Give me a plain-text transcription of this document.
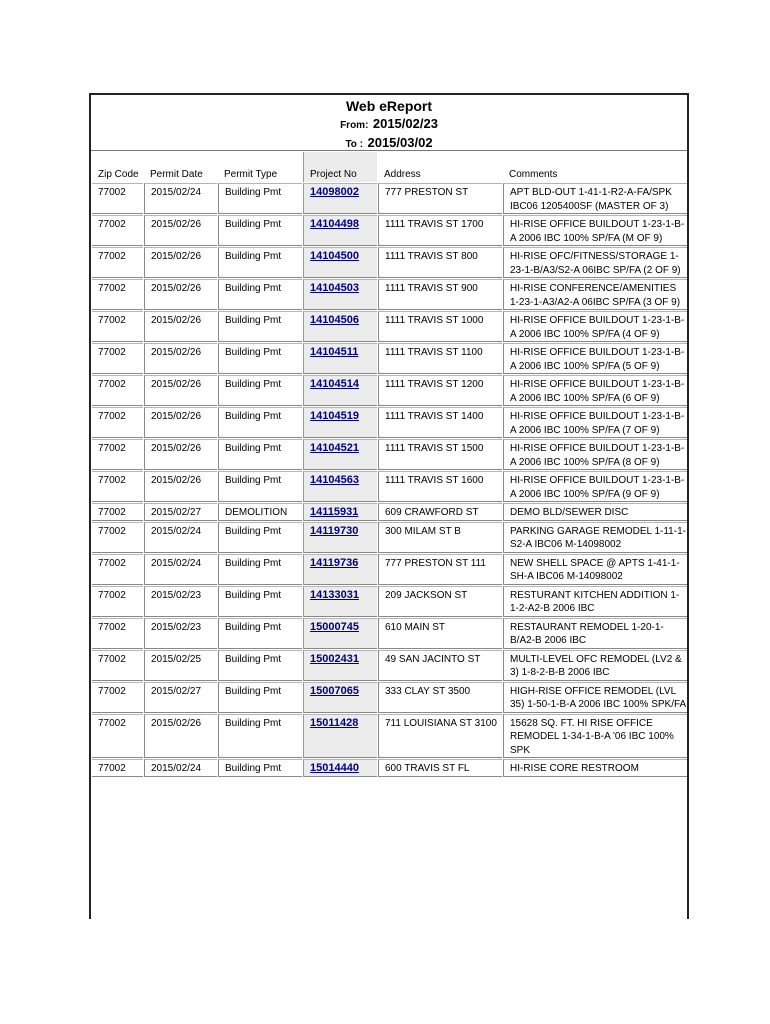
Web eReport
From: 2015/02/23
To : 2015/03/02
Zip Code	Permit Date	Permit Type	Project No	Address	Comments
77002	2015/02/24	Building Pmt	14098002	777 PRESTON ST	APT BLD-OUT 1-41-1-R2-A-FA/SPK IBC06 1205400SF (MASTER OF 3)
77002	2015/02/26	Building Pmt	14104498	1111 TRAVIS ST 1700	HI-RISE OFFICE BUILDOUT 1-23-1-B-A 2006 IBC 100% SP/FA (M OF 9)
77002	2015/02/26	Building Pmt	14104500	1111 TRAVIS ST 800	HI-RISE OFC/FITNESS/STORAGE 1-23-1-B/A3/S2-A 06IBC SP/FA (2 OF 9)
77002	2015/02/26	Building Pmt	14104503	1111 TRAVIS ST 900	HI-RISE CONFERENCE/AMENITIES 1-23-1-A3/A2-A 06IBC SP/FA (3 OF 9)
77002	2015/02/26	Building Pmt	14104506	1111 TRAVIS ST 1000	HI-RISE OFFICE BUILDOUT 1-23-1-B-A 2006 IBC 100% SP/FA (4 OF 9)
77002	2015/02/26	Building Pmt	14104511	1111 TRAVIS ST 1100	HI-RISE OFFICE BUILDOUT 1-23-1-B-A 2006 IBC 100% SP/FA (5 OF 9)
77002	2015/02/26	Building Pmt	14104514	1111 TRAVIS ST 1200	HI-RISE OFFICE BUILDOUT 1-23-1-B-A 2006 IBC 100% SP/FA (6 OF 9)
77002	2015/02/26	Building Pmt	14104519	1111 TRAVIS ST 1400	HI-RISE OFFICE BUILDOUT 1-23-1-B-A 2006 IBC 100% SP/FA (7 OF 9)
77002	2015/02/26	Building Pmt	14104521	1111 TRAVIS ST 1500	HI-RISE OFFICE BUILDOUT 1-23-1-B-A 2006 IBC 100% SP/FA (8 OF 9)
77002	2015/02/26	Building Pmt	14104563	1111 TRAVIS ST 1600	HI-RISE OFFICE BUILDOUT 1-23-1-B-A 2006 IBC 100% SP/FA (9 OF 9)
77002	2015/02/27	DEMOLITION	14115931	609 CRAWFORD ST	DEMO BLD/SEWER DISC
77002	2015/02/24	Building Pmt	14119730	300 MILAM ST B	PARKING GARAGE REMODEL 1-11-1-S2-A IBC06 M-14098002
77002	2015/02/24	Building Pmt	14119736	777 PRESTON ST 111	NEW SHELL SPACE @ APTS 1-41-1-SH-A IBC06 M-14098002
77002	2015/02/23	Building Pmt	14133031	209 JACKSON ST	RESTURANT KITCHEN ADDITION 1-1-2-A2-B 2006 IBC
77002	2015/02/23	Building Pmt	15000745	610 MAIN ST	RESTAURANT REMODEL 1-20-1-B/A2-B 2006 IBC
77002	2015/02/25	Building Pmt	15002431	49 SAN JACINTO ST	MULTI-LEVEL OFC REMODEL (LV2 & 3) 1-8-2-B-B 2006 IBC
77002	2015/02/27	Building Pmt	15007065	333 CLAY ST 3500	HIGH-RISE OFFICE REMODEL (LVL 35) 1-50-1-B-A 2006 IBC 100% SPK/FA
77002	2015/02/26	Building Pmt	15011428	711 LOUISIANA ST 3100	15628 SQ. FT. HI RISE OFFICE REMODEL 1-34-1-B-A '06 IBC 100% SPK
77002	2015/02/24	Building Pmt	15014440	600 TRAVIS ST FL	HI-RISE CORE RESTROOM
